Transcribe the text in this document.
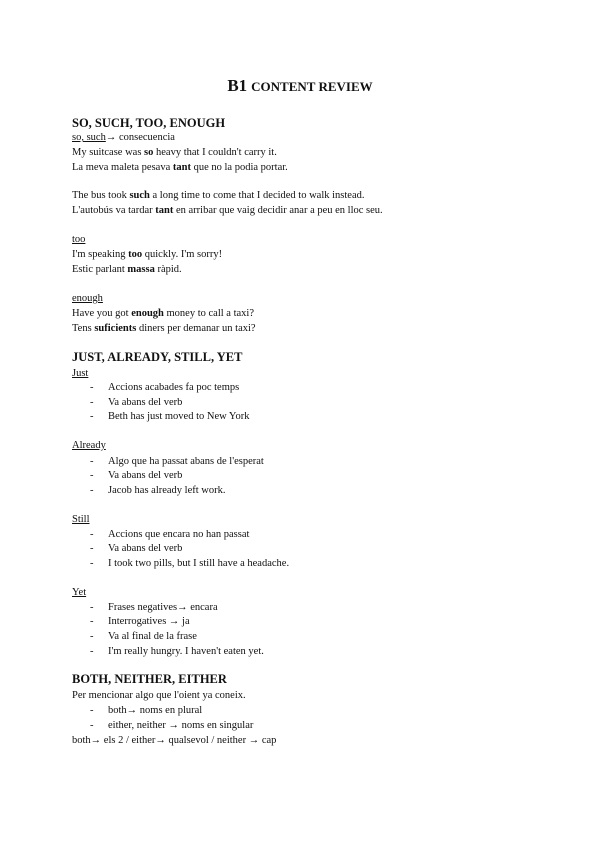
B1 CONTENT REVIEW
SO, SUCH, TOO, ENOUGH
so, such→ consecuencia
My suitcase was so heavy that I couldn't carry it.
La meva maleta pesava tant que no la podia portar.
The bus took such a long time to come that I decided to walk instead.
L'autobús va tardar tant en arribar que vaig decidir anar a peu en lloc seu.
too
I'm speaking too quickly. I'm sorry!
Estic parlant massa ràpid.
enough
Have you got enough money to call a taxi?
Tens suficients diners per demanar un taxi?
JUST, ALREADY, STILL, YET
Just
- Accions acabades fa poc temps
- Va abans del verb
- Beth has just moved to New York
Already
- Algo que ha passat abans de l'esperat
- Va abans del verb
- Jacob has already left work.
Still
- Accions que encara no han passat
- Va abans del verb
- I took two pills, but I still have a headache.
Yet
- Frases negatives→ encara
- Interrogatives → ja
- Va al final de la frase
- I'm really hungry. I haven't eaten yet.
BOTH, NEITHER, EITHER
Per mencionar algo que l'oient ya coneix.
- both→ noms en plural
- either, neither → noms en singular
both→ els 2 / either→ qualsevol / neither → cap
